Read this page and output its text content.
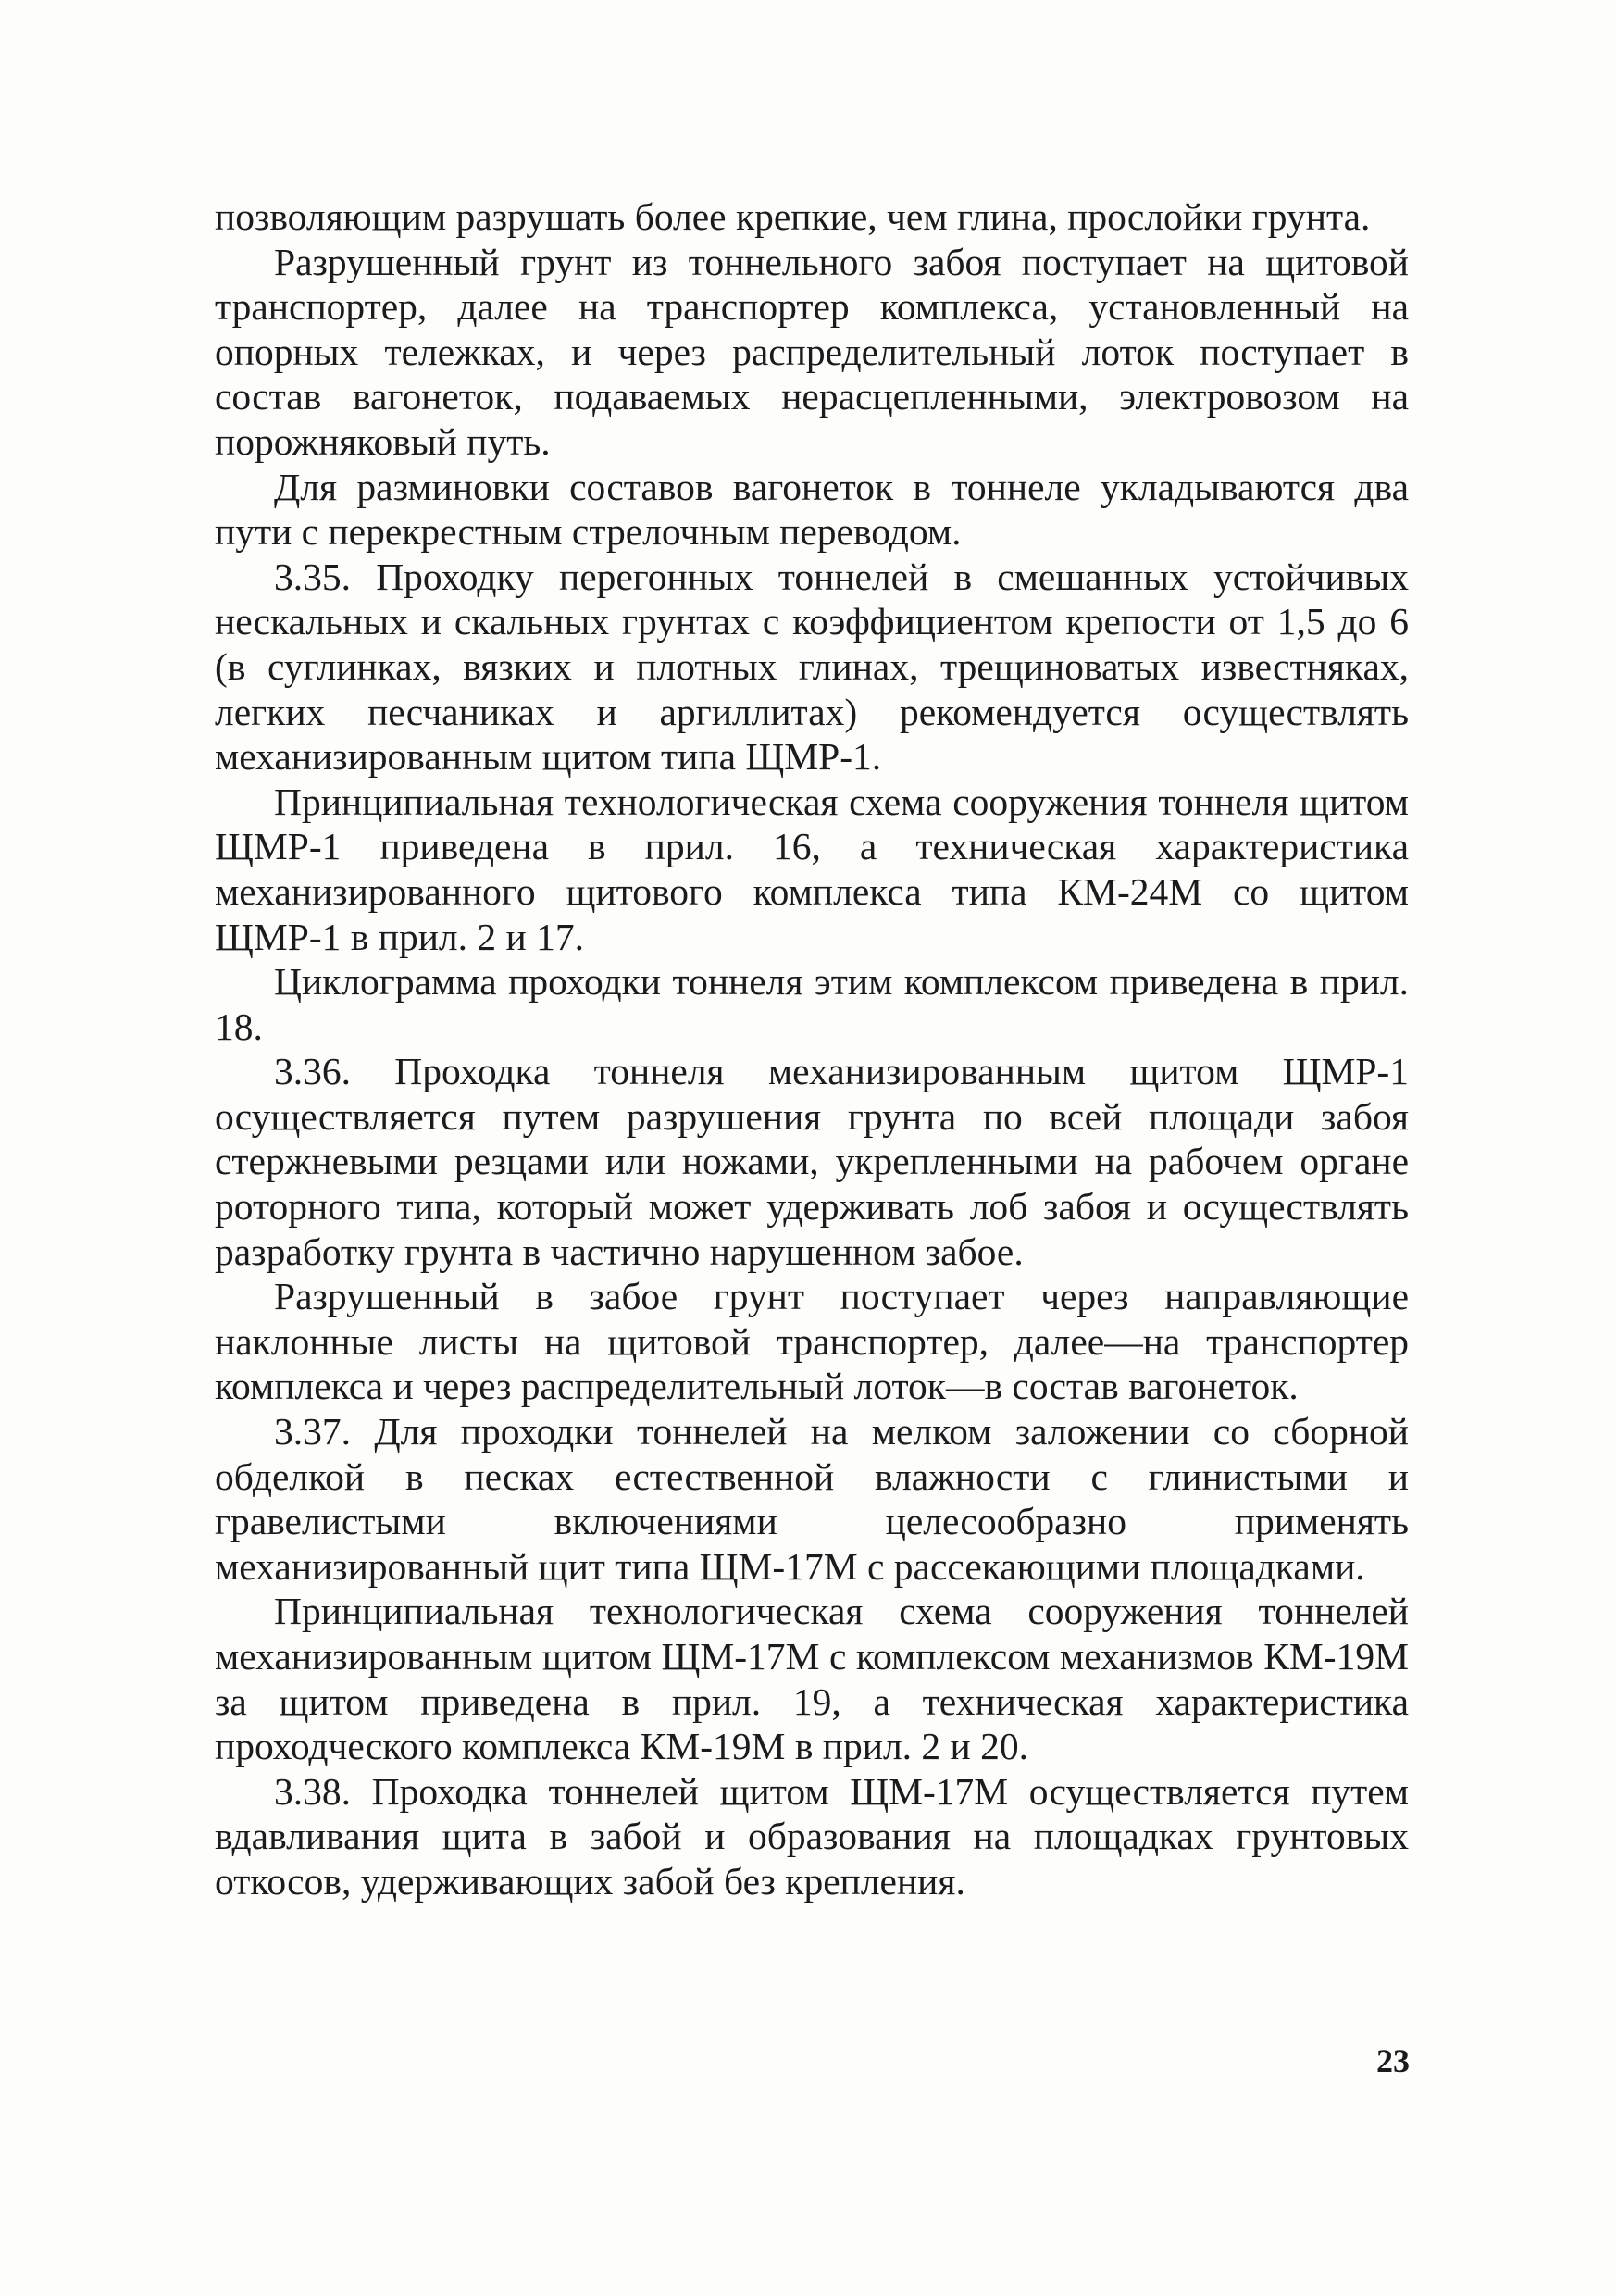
позволяющим разрушать более крепкие, чем глина, прослойки грунта.

Разрушенный грунт из тоннельного забоя поступает на щитовой транспортер, далее на транспортер комплекса, установленный на опорных тележках, и через распределительный лоток поступает в состав вагонеток, подаваемых нерасцепленными, электровозом на порожняковый путь.

Для разминовки составов вагонеток в тоннеле укладываются два пути с перекрестным стрелочным переводом.

3.35. Проходку перегонных тоннелей в смешанных устойчивых нескальных и скальных грунтах с коэффициентом крепости от 1,5 до 6 (в суглинках, вязких и плотных глинах, трещиноватых известняках, легких песчаниках и аргиллитах) рекомендуется осуществлять механизированным щитом типа ЩМР-1.

Принципиальная технологическая схема сооружения тоннеля щитом ЩМР-1 приведена в прил. 16, а техническая характеристика механизированного щитового комплекса типа КМ-24М со щитом ЩМР-1 в прил. 2 и 17.

Циклограмма проходки тоннеля этим комплексом приведена в прил. 18.

3.36. Проходка тоннеля механизированным щитом ЩМР-1 осуществляется путем разрушения грунта по всей площади забоя стержневыми резцами или ножами, укрепленными на рабочем органе роторного типа, который может удерживать лоб забоя и осуществлять разработку грунта в частично нарушенном забое.

Разрушенный в забое грунт поступает через направляющие наклонные листы на щитовой транспортер, далее—на транспортер комплекса и через распределительный лоток—в состав вагонеток.

3.37. Для проходки тоннелей на мелком заложении со сборной обделкой в песках естественной влажности с глинистыми и гравелистыми включениями целесообразно применять механизированный щит типа ЩМ-17М с рассекающими площадками.

Принципиальная технологическая схема сооружения тоннелей механизированным щитом ЩМ-17М с комплексом механизмов КМ-19М за щитом приведена в прил. 19, а техническая характеристика проходческого комплекса КМ-19М в прил. 2 и 20.

3.38. Проходка тоннелей щитом ЩМ-17М осуществляется путем вдавливания щита в забой и образования на площадках грунтовых откосов, удерживающих забой без крепления.

23
